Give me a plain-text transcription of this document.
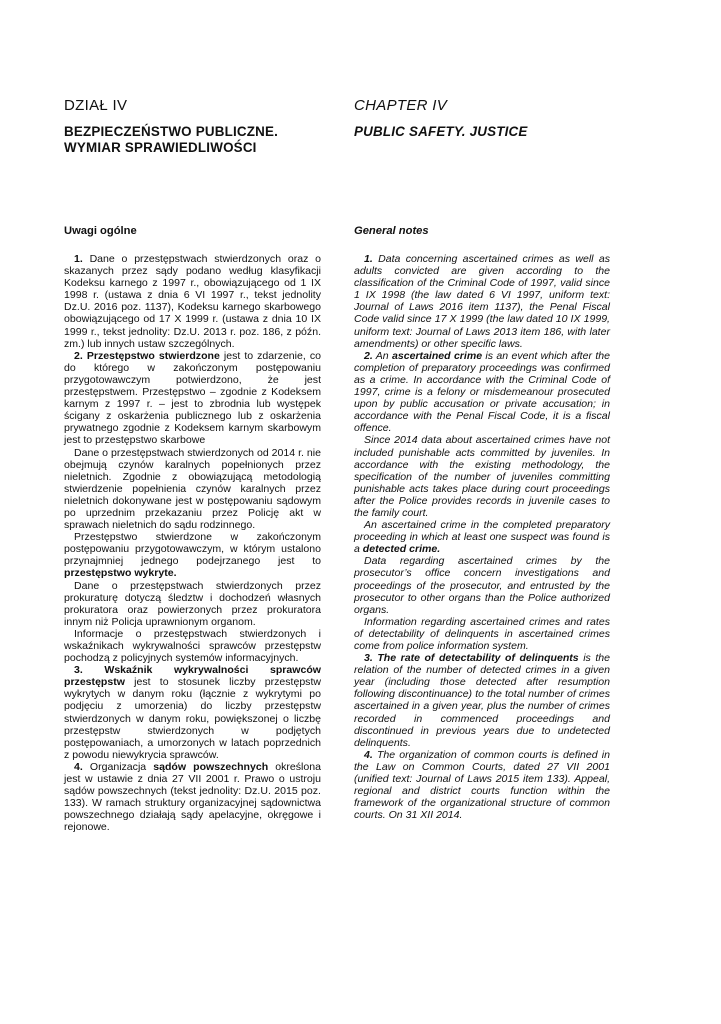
DZIAŁ IV
BEZPIECZEŃSTWO PUBLICZNE.
WYMIAR SPRAWIEDLIWOŚCI
Uwagi ogólne

1. Dane o przestępstwach stwierdzonych oraz o skazanych przez sądy podano według klasyfikacji Kodeksu karnego z 1997 r., obowiązującego od 1 IX 1998 r. (ustawa z dnia 6 VI 1997 r., tekst jednolity Dz.U. 2016 poz. 1137), Kodeksu karnego skarbowego obowiązującego od 17 X 1999 r. (ustawa z dnia 10 IX 1999 r., tekst jednolity: Dz.U. 2013 r. poz. 186, z późn. zm.) lub innych ustaw szczególnych.

2. Przestępstwo stwierdzone jest to zdarzenie, co do którego w zakończonym postępowaniu przygotowawczym potwierdzono, że jest przestępstwem. Przestępstwo – zgodnie z Kodeksem karnym z 1997 r. – jest to zbrodnia lub występek ścigany z oskarżenia publicznego lub z oskarżenia prywatnego zgodnie z Kodeksem karnym skarbowym jest to przestępstwo skarbowe

Dane o przestępstwach stwierdzonych od 2014 r. nie obejmują czynów karalnych popełnionych przez nieletnich. Zgodnie z obowiązującą metodologią stwierdzenie popełnienia czynów karalnych przez nieletnich dokonywane jest w postępowaniu sądowym po uprzednim przekazaniu przez Policję akt w sprawach nieletnich do sądu rodzinnego.

Przestępstwo stwierdzone w zakończonym postępowaniu przygotowawczym, w którym ustalono przynajmniej jednego podejrzanego jest to przestępstwo wykryte.

Dane o przestępstwach stwierdzonych przez prokuraturę dotyczą śledztw i dochodzeń własnych prokuratora oraz powierzonych przez prokuratora innym niż Policja uprawnionym organom.

Informacje o przestępstwach stwierdzonych i wskaźnikach wykrywalności sprawców przestępstw pochodzą z policyjnych systemów informacyjnych.

3. Wskaźnik wykrywalności sprawców przestępstw jest to stosunek liczby przestępstw wykrytych w danym roku (łącznie z wykrytymi po podjęciu z umorzenia) do liczby przestępstw stwierdzonych w danym roku, powiększonej o liczbę przestępstw stwierdzonych w podjętych postępowaniach, a umorzonych w latach poprzednich z powodu niewykrycia sprawców.

4. Organizacja sądów powszechnych określona jest w ustawie z dnia 27 VII 2001 r. Prawo o ustroju sądów powszechnych (tekst jednolity: Dz.U. 2015 poz. 133). W ramach struktury organizacyjnej sądownictwa powszechnego działają sądy apelacyjne, okręgowe i rejonowe.

CHAPTER IV
PUBLIC SAFETY. JUSTICE
General notes

1. Data concerning ascertained crimes as well as adults convicted are given according to the classification of the Criminal Code of 1997, valid since 1 IX 1998 (the law dated 6 VI 1997, uniform text: Journal of Laws 2016 item 1137), the Penal Fiscal Code valid since 17 X 1999 (the law dated 10 IX 1999, uniform text: Journal of Laws 2013 item 186, with later amendments) or other specific laws.

2. An ascertained crime is an event which after the completion of preparatory proceedings was confirmed as a crime. In accordance with the Criminal Code of 1997, crime is a felony or misdemeanour prosecuted upon by public accusation or private accusation; in accordance with the Penal Fiscal Code, it is a fiscal offence.

Since 2014 data about ascertained crimes have not included punishable acts committed by juveniles. In accordance with the existing methodology, the specification of the number of juveniles committing punishable acts takes place during court proceedings after the Police provides records in juvenile cases to the family court.

An ascertained crime in the completed preparatory proceeding in which at least one suspect was found is a detected crime.

Data regarding ascertained crimes by the prosecutor’s office concern investigations and proceedings of the prosecutor, and entrusted by the prosecutor to other organs than the Police authorized organs.

Information regarding ascertained crimes and rates of detectability of delinquents in ascertained crimes come from police information system.

3. The rate of detectability of delinquents is the relation of the number of detected crimes in a given year (including those detected after resumption following discontinuance) to the total number of crimes ascertained in a given year, plus the number of crimes recorded in commenced proceedings and discontinued in previous years due to undetected delinquents.

4. The organization of common courts is defined in the Law on Common Courts, dated 27 VII 2001 (unified text: Journal of Laws 2015 item 133). Appeal, regional and district courts function within the framework of the organizational structure of common courts. On 31 XII 2014.
